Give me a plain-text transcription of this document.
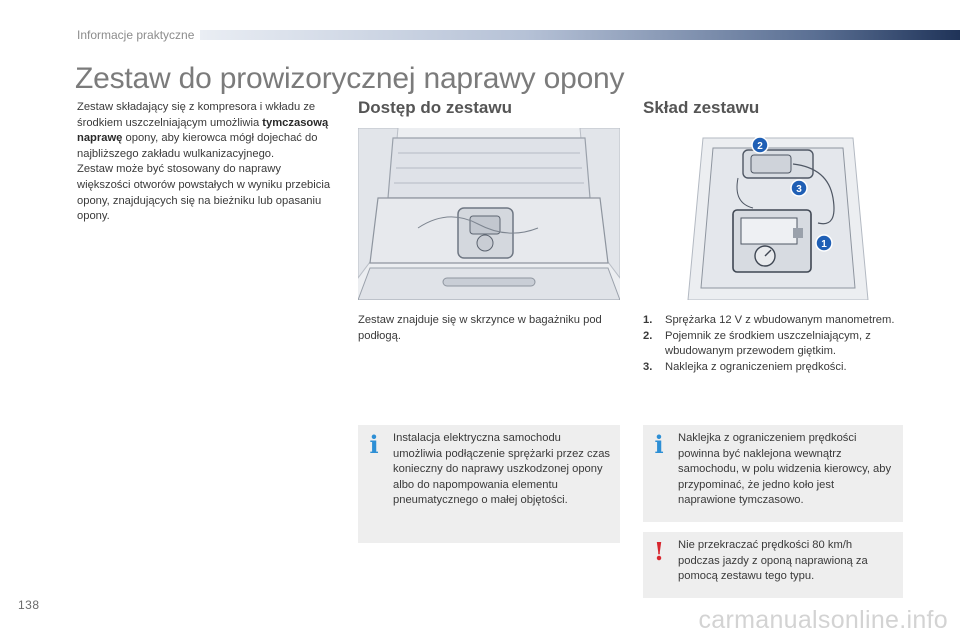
Informacje praktyczne
Zestaw do prowizorycznej naprawy opony

Zestaw składający się z kompresora i wkładu ze środkiem uszczelniającym umożliwia tymczasową naprawę opony, aby kierowca mógł dojechać do najbliższego zakładu wulkanizacyjnego.
Zestaw może być stosowany do naprawy większości otworów powstałych w wyniku przebicia opony, znajdujących się na bieżniku lub opasaniu opony.

Dostęp do zestawu

Zestaw znajduje się w skrzynce w bagażniku pod podłogą.

i Instalacja elektryczna samochodu umożliwia podłączenie sprężarki przez czas konieczny do naprawy uszkodzonej opony albo do napompowania elementu pneumatycznego o małej objętości.
Skład zestawu
2
3
1
1. Sprężarka 12 V z wbudowanym manometrem.
2. Pojemnik ze środkiem uszczelniającym, z wbudowanym przewodem giętkim.
3. Naklejka z ograniczeniem prędkości.
i Naklejka z ograniczeniem prędkości powinna być naklejona wewnątrz samochodu, w polu widzenia kierowcy, aby przypominać, że jedno koło jest naprawione tymczasowo.
! Nie przekraczać prędkości 80 km/h podczas jazdy z oponą naprawioną za pomocą zestawu tego typu.
138
carmanualsonline.info
